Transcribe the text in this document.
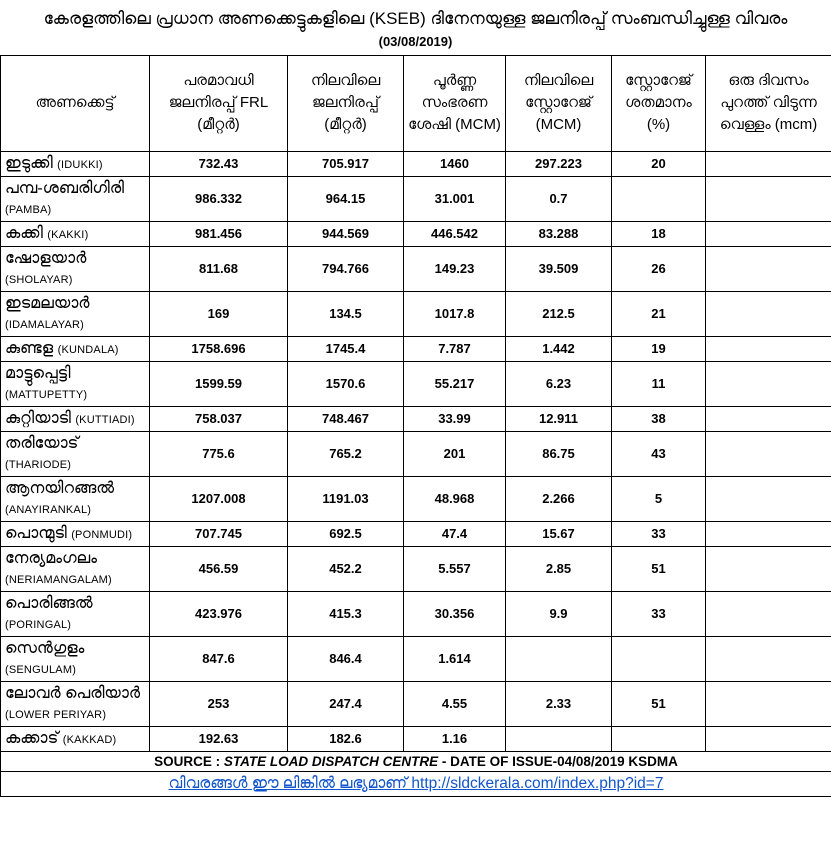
കേരളത്തിലെ പ്രധാന അണക്കെട്ടുകളിലെ (KSEB) ദിനേനയുള്ള ജലനിരപ്പ് സംബന്ധിച്ചുള്ള വിവരം
(03/08/2019)
അണക്കെട്ട്	പരമാവധി ജലനിരപ്പ് FRL (മീറ്റർ)	നിലവിലെ ജലനിരപ്പ് (മീറ്റർ)	പൂർണ്ണ സംഭരണ ശേഷി (MCM)	നിലവിലെ സ്റ്റോറേജ് (MCM)	സ്റ്റോറേജ് ശതമാനം (%)	ഒരു ദിവസം പുറത്ത് വിടുന്ന വെള്ളം (mcm)
ഇടുക്കി (IDUKKI)	732.43	705.917	1460	297.223	20	
പമ്പ-ശബരിഗിരി (PAMBA)	986.332	964.15	31.001	0.7		
കക്കി (KAKKI)	981.456	944.569	446.542	83.288	18	
ഷോളയാർ (SHOLAYAR)	811.68	794.766	149.23	39.509	26	
ഇടമലയാർ (IDAMALAYAR)	169	134.5	1017.8	212.5	21	
കുണ്ടള (KUNDALA)	1758.696	1745.4	7.787	1.442	19	
മാട്ടുപ്പെട്ടി (MATTUPETTY)	1599.59	1570.6	55.217	6.23	11	
കുറ്റിയാടി (KUTTIADI)	758.037	748.467	33.99	12.911	38	
തരിയോട് (THARIODE)	775.6	765.2	201	86.75	43	
ആനയിറങ്ങൽ (ANAYIRANKAL)	1207.008	1191.03	48.968	2.266	5	
പൊന്മുടി (PONMUDI)	707.745	692.5	47.4	15.67	33	
നേര്യമംഗലം (NERIAMANGALAM)	456.59	452.2	5.557	2.85	51	
പൊരിങ്ങൽ (PORINGAL)	423.976	415.3	30.356	9.9	33	
സെൻഗുളം (SENGULAM)	847.6	846.4	1.614			
ലോവർ പെരിയാർ (LOWER PERIYAR)	253	247.4	4.55	2.33	51	
കക്കാട് (KAKKAD)	192.63	182.6	1.16			
SOURCE : STATE LOAD DISPATCH CENTRE - DATE OF ISSUE-04/08/2019 KSDMA						
വിവരങ്ങൾ ഈ ലിങ്കിൽ ലഭ്യമാണ് http://sldckerala.com/index.php?id=7						
